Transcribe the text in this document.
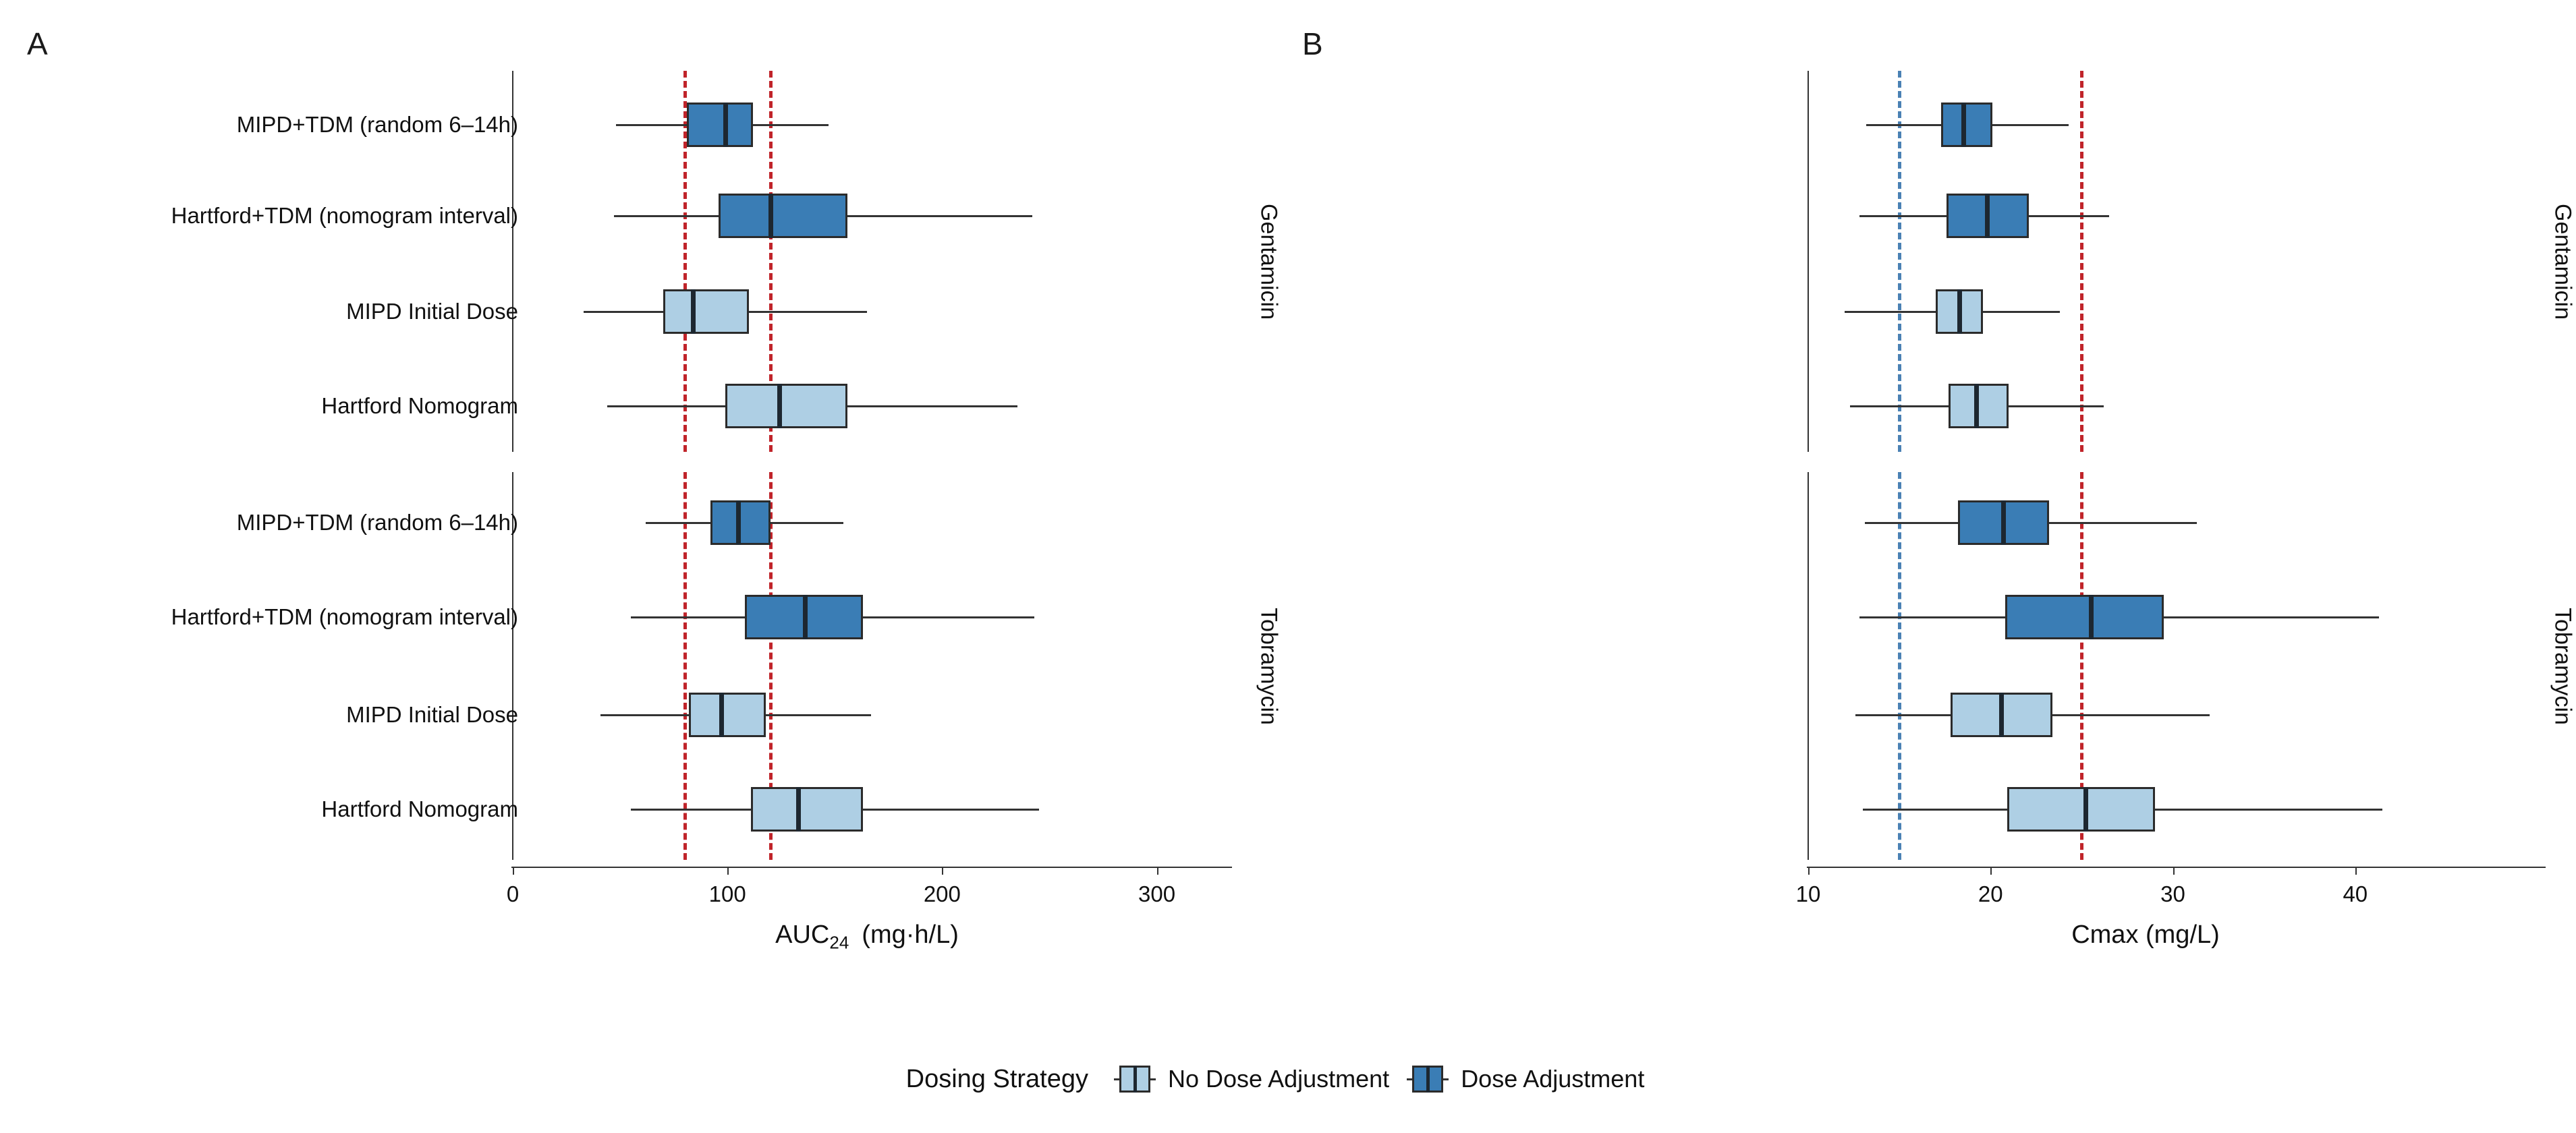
A
0	100	200	300
$AUC_{24}$ (mg·h/L)
Gentamicin
Tobramycin
B
MIPD+TDM (random 6–14h)
Hartford+TDM (nomogram interval)
MIPD Initial Dose
Hartford Nomogram
MIPD+TDM (random 6–14h)
Hartford+TDM (nomogram interval)
MIPD Initial Dose
Hartford Nomogram
10	20	30	40
Cmax (mg/L)
Gentamicin
Tobramycin
Dosing Strategy	No Dose Adjustment	Dose Adjustment
